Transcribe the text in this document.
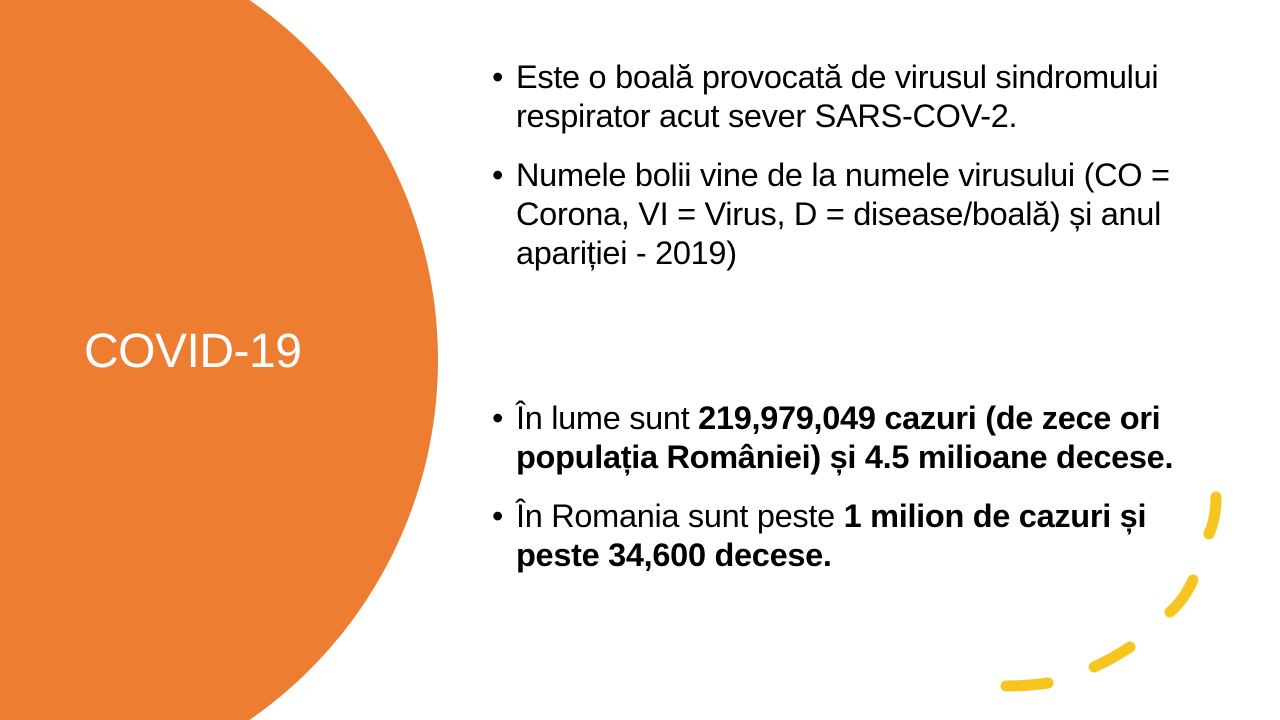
COVID-19
• Este o boală provocată de virusul sindromului respirator acut sever SARS-COV-2.
• Numele bolii vine de la numele virusului (CO = Corona, VI = Virus, D = disease/boală) și anul apariției - 2019)
• În lume sunt 219,979,049 cazuri (de zece ori populația României) și 4.5 milioane decese.
• În Romania sunt peste 1 milion de cazuri și peste 34,600 decese.
